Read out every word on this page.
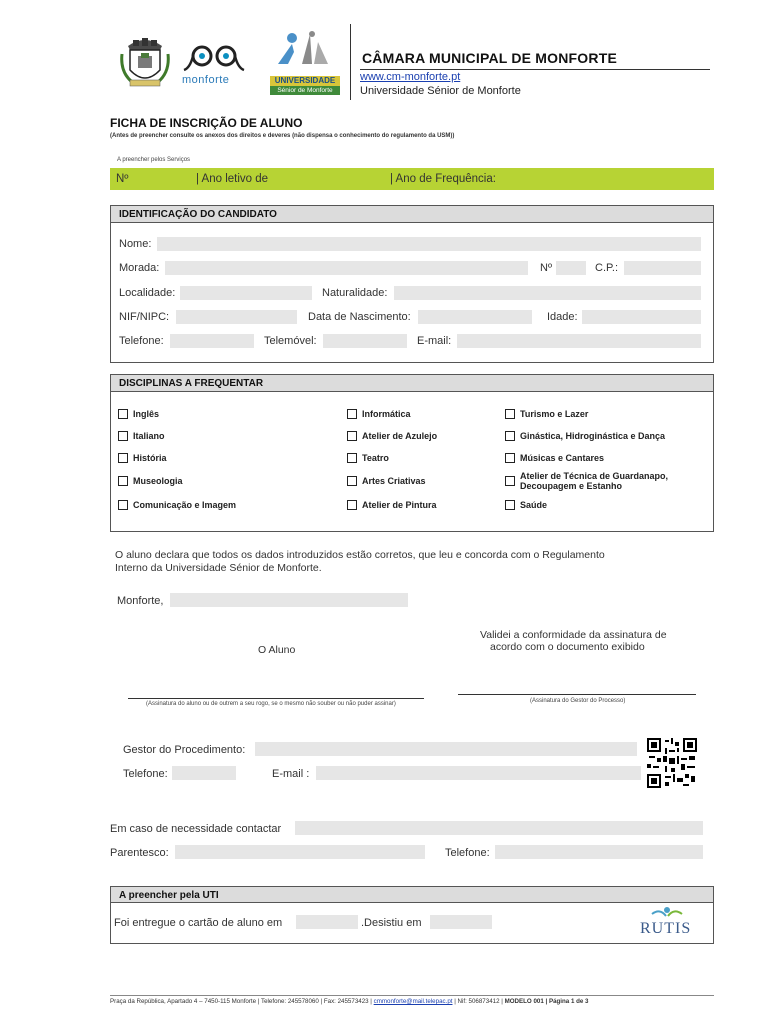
monforte	UNIVERSIDADE
Sénior de Monforte
CÂMARA MUNICIPAL DE MONFORTE
www.cm-monforte.pt
Universidade Sénior de Monforte
FICHA DE INSCRIÇÃO DE ALUNO
(Antes de preencher consulte os anexos dos direitos e deveres (não dispensa o conhecimento do regulamento da USM))
A preencher pelos Serviços
Nº	| Ano letivo de	| Ano de Frequência:
IDENTIFICAÇÃO DO CANDIDATO
Nome:
Morada:	Nº	C.P.:
Localidade:	Naturalidade:
NIF/NIPC:	Data de Nascimento:	Idade:
Telefone:	Telemóvel:	E-mail:
DISCIPLINAS A FREQUENTAR
Inglês
Italiano
História
Museologia
Comunicação e Imagem
Informática
Atelier de Azulejo
Teatro
Artes Criativas
Atelier de Pintura
Turismo e Lazer
Ginástica, Hidroginástica e Dança
Músicas e Cantares
Atelier de Técnica de Guardanapo,
Decoupagem e Estanho
Saúde
O aluno declara que todos os dados introduzidos estão corretos, que leu e concorda com o Regulamento
Interno da Universidade Sénior de Monforte.
Monforte,
O Aluno
Validei a conformidade da assinatura de
acordo com o documento exibido
(Assinatura do aluno ou de outrem a seu rogo, se o mesmo não souber ou não puder assinar)	(Assinatura do Gestor do Processo)
Gestor do Procedimento:
Telefone:	E-mail :
Em caso de necessidade contactar
Parentesco:	Telefone:
A preencher pela UTI
Foi entregue o cartão de aluno em	.Desistiu em	RUTIS
Praça da República, Apartado 4 – 7450-115 Monforte | Telefone: 245578060 | Fax: 245573423 | cmmonforte@mail.telepac.pt | Nif: 506873412 | MODELO 001 | Página 1 de 3
